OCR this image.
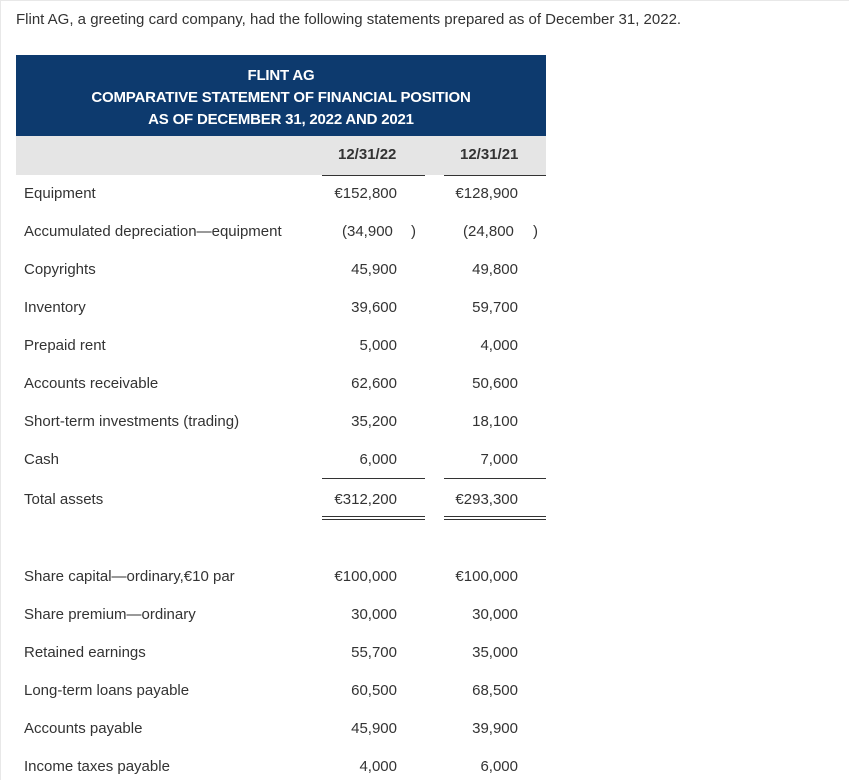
Flint AG, a greeting card company, had the following statements prepared as of December 31, 2022.
FLINT AG
COMPARATIVE STATEMENT OF FINANCIAL POSITION
AS OF DECEMBER 31, 2022 AND 2021
12/31/22	12/31/21
Equipment	€152,800	€128,900
Accumulated depreciation—equipment	(34,900 )	(24,800 )
Copyrights	45,900	49,800
Inventory	39,600	59,700
Prepaid rent	5,000	4,000
Accounts receivable	62,600	50,600
Short-term investments (trading)	35,200	18,100
Cash	6,000	7,000
Total assets	€312,200	€293,300
Share capital—ordinary,€10 par	€100,000	€100,000
Share premium—ordinary	30,000	30,000
Retained earnings	55,700	35,000
Long-term loans payable	60,500	68,500
Accounts payable	45,900	39,900
Income taxes payable	4,000	6,000
